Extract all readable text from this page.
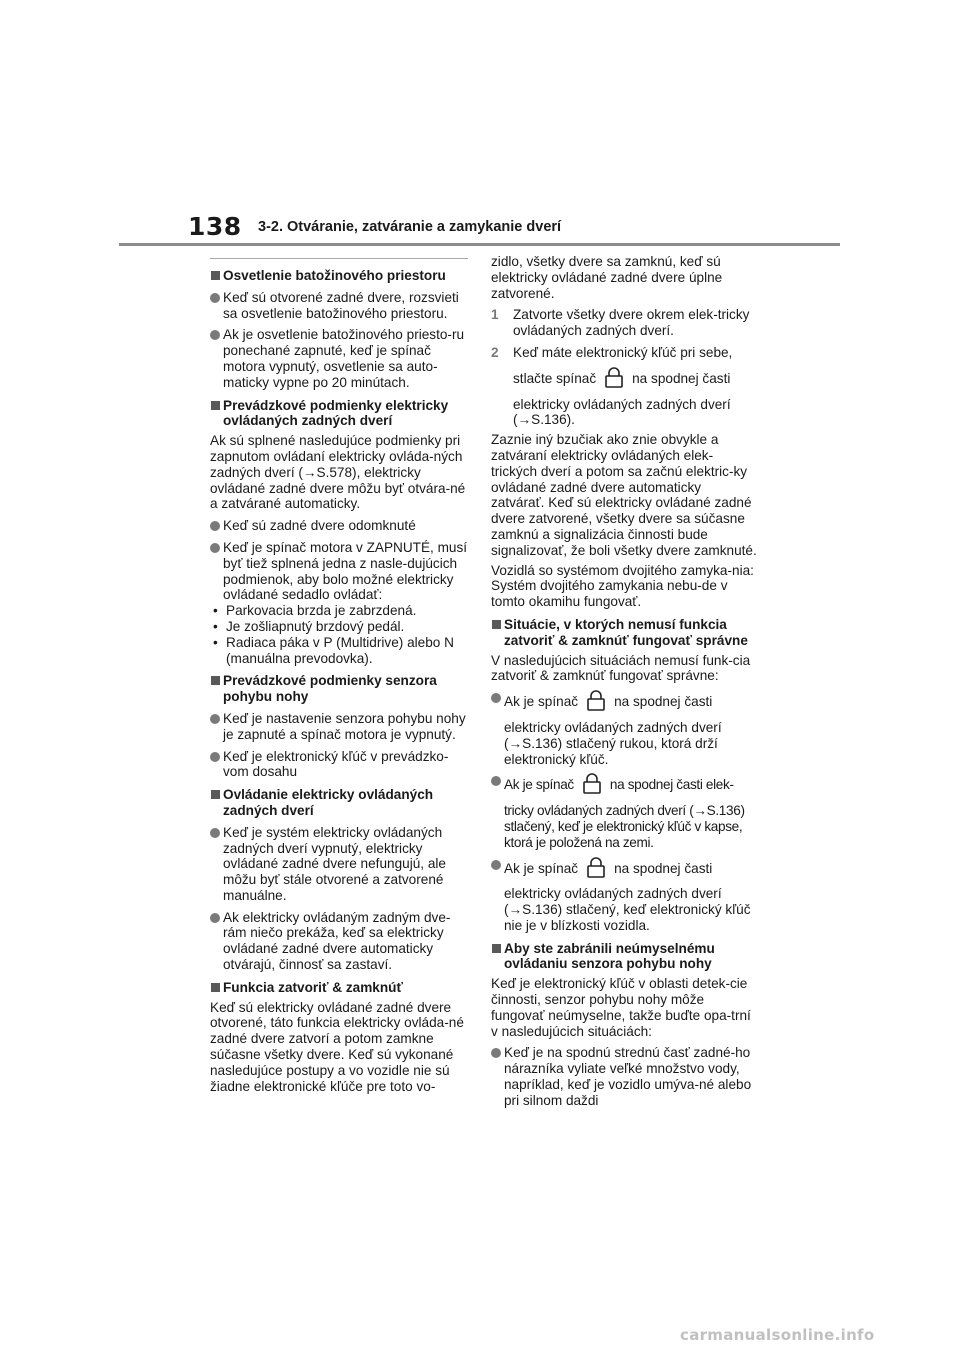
138 3-2. Otváranie, zatváranie a zamykanie dverí

Osvetlenie batožinového priestoru

Keď sú otvorené zadné dvere, rozsvieti sa osvetlenie batožinového priestoru.

Ak je osvetlenie batožinového priesto-ru ponechané zapnuté, keď je spínač motora vypnutý, osvetlenie sa auto-maticky vypne po 20 minútach.

Prevádzkové podmienky elektricky ovládaných zadných dverí

Ak sú splnené nasledujúce podmienky pri zapnutom ovládaní elektricky ovláda-ných zadných dverí (→S.578), elektricky ovládané zadné dvere môžu byť otvára-né a zatvárané automaticky.

Keď sú zadné dvere odomknuté

Keď je spínač motora v ZAPNUTÉ, musí byť tiež splnená jedna z nasle-dujúcich podmienok, aby bolo možné elektricky ovládané sedadlo ovládať:

• Parkovacia brzda je zabrzdená.

• Je zošliapnutý brzdový pedál.

• Radiaca páka v P (Multidrive) alebo N (manuálna prevodovka).

Prevádzkové podmienky senzora pohybu nohy

Keď je nastavenie senzora pohybu nohy je zapnuté a spínač motora je vypnutý.

Keď je elektronický kľúč v prevádzko-vom dosahu

Ovládanie elektricky ovládaných zadných dverí

Keď je systém elektricky ovládaných zadných dverí vypnutý, elektricky ovládané zadné dvere nefungujú, ale môžu byť stále otvorené a zatvorené manuálne.

Ak elektricky ovládaným zadným dve-rám niečo prekáža, keď sa elektricky ovládané zadné dvere automaticky otvárajú, činnosť sa zastaví.

Funkcia zatvoriť & zamknúť

Keď sú elektricky ovládané zadné dvere otvorené, táto funkcia elektricky ovláda-né zadné dvere zatvorí a potom zamkne súčasne všetky dvere. Keď sú vykonané nasledujúce postupy a vo vozidle nie sú žiadne elektronické kľúče pre toto vo-

zidlo, všetky dvere sa zamknú, keď sú elektricky ovládané zadné dvere úplne zatvorené.

1 Zatvorte všetky dvere okrem elek-tricky ovládaných zadných dverí.
2 Keď máte elektronický kľúč pri sebe,

stlačte spínač	na spodnej časti

elektricky ovládaných zadných dverí (→S.136).

Zaznie iný bzučiak ako znie obvykle a zatváraní elektricky ovládaných elek-trických dverí a potom sa začnú elektric-ky ovládané zadné dvere automaticky zatvárať. Keď sú elektricky ovládané zadné dvere zatvorené, všetky dvere sa súčasne zamknú a signalizácia činnosti bude signalizovať, že boli všetky dvere zamknuté.

Vozidlá so systémom dvojitého zamyka-nia: Systém dvojitého zamykania nebu-de v tomto okamihu fungovať.

Situácie, v ktorých nemusí funkcia zatvoriť & zamknúť fungovať správne

V nasledujúcich situáciách nemusí funk-cia zatvoriť & zamknúť fungovať správne:

Ak je spínač	na spodnej časti

elektricky ovládaných zadných dverí (→S.136) stlačený rukou, ktorá drží elektronický kľúč.

Ak je spínač	na spodnej časti elek-

tricky ovládaných zadných dverí (→S.136) stlačený, keď je elektronický kľúč v kapse, ktorá je položená na zemi.

Ak je spínač	na spodnej časti

elektricky ovládaných zadných dverí (→S.136) stlačený, keď elektronický kľúč nie je v blízkosti vozidla.

Aby ste zabránili neúmyselnému ovládaniu senzora pohybu nohy

Keď je elektronický kľúč v oblasti detek-cie činnosti, senzor pohybu nohy môže fungovať neúmyselne, takže buďte opa-trní v nasledujúcich situáciách:

Keď je na spodnú strednú časť zadné-ho nárazníka vyliate veľké množstvo vody, napríklad, keď je vozidlo umýva-né alebo pri silnom daždi

carmanualsonline.info
